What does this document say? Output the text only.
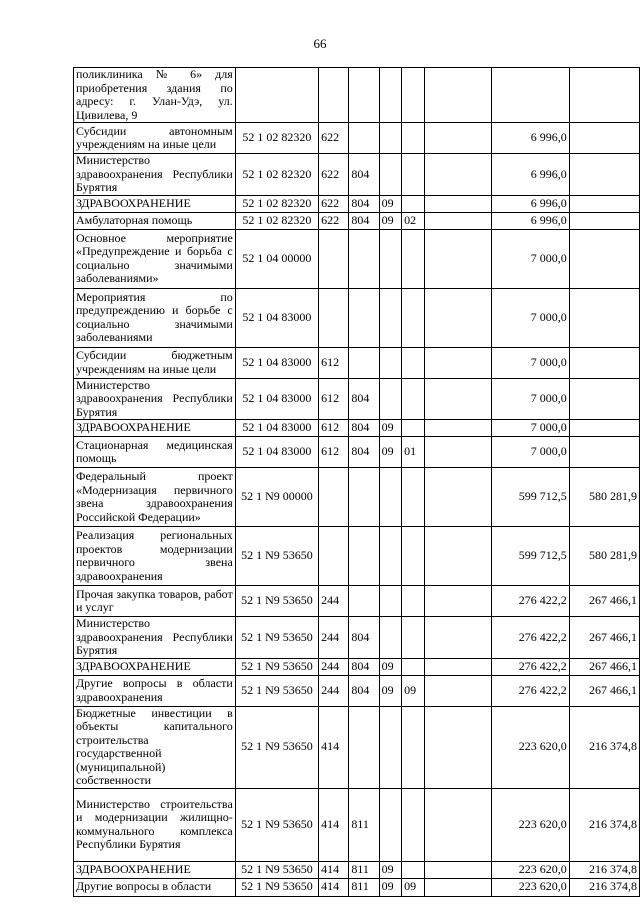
66
поликлиника № 6» для приобретения здания по адресу: г. Улан-Удэ, ул. Цивилева, 9								
Субсидии автономным учреждениям на иные цели	52 1 02 82320	622					6 996,0	
Министерство здравоохранения Республики Бурятия	52 1 02 82320	622	804				6 996,0	
ЗДРАВООХРАНЕНИЕ	52 1 02 82320	622	804	09			6 996,0	
Амбулаторная помощь	52 1 02 82320	622	804	09	02		6 996,0	
Основное мероприятие «Предупреждение и борьба с социально значимыми заболеваниями»	52 1 04 00000						7 000,0	
Мероприятия по предупреждению и борьбе с социально значимыми заболеваниями	52 1 04 83000						7 000,0	
Субсидии бюджетным учреждениям на иные цели	52 1 04 83000	612					7 000,0	
Министерство здравоохранения Республики Бурятия	52 1 04 83000	612	804				7 000,0	
ЗДРАВООХРАНЕНИЕ	52 1 04 83000	612	804	09			7 000,0	
Стационарная медицинская помощь	52 1 04 83000	612	804	09	01		7 000,0	
Федеральный проект «Модернизация первичного звена здравоохранения Российской Федерации»	52 1 N9 00000						599 712,5	580 281,9
Реализация региональных проектов модернизации первичного звена здравоохранения	52 1 N9 53650						599 712,5	580 281,9
Прочая закупка товаров, работ и услуг	52 1 N9 53650	244					276 422,2	267 466,1
Министерство здравоохранения Республики Бурятия	52 1 N9 53650	244	804				276 422,2	267 466,1
ЗДРАВООХРАНЕНИЕ	52 1 N9 53650	244	804	09			276 422,2	267 466,1
Другие вопросы в области здравоохранения	52 1 N9 53650	244	804	09	09		276 422,2	267 466,1
Бюджетные инвестиции в объекты капитального строительства государственной (муниципальной) собственности	52 1 N9 53650	414					223 620,0	216 374,8
Министерство строительства и модернизации жилищно-коммунального комплекса Республики Бурятия	52 1 N9 53650	414	811				223 620,0	216 374,8
ЗДРАВООХРАНЕНИЕ	52 1 N9 53650	414	811	09			223 620,0	216 374,8
Другие вопросы в области	52 1 N9 53650	414	811	09	09		223 620,0	216 374,8
